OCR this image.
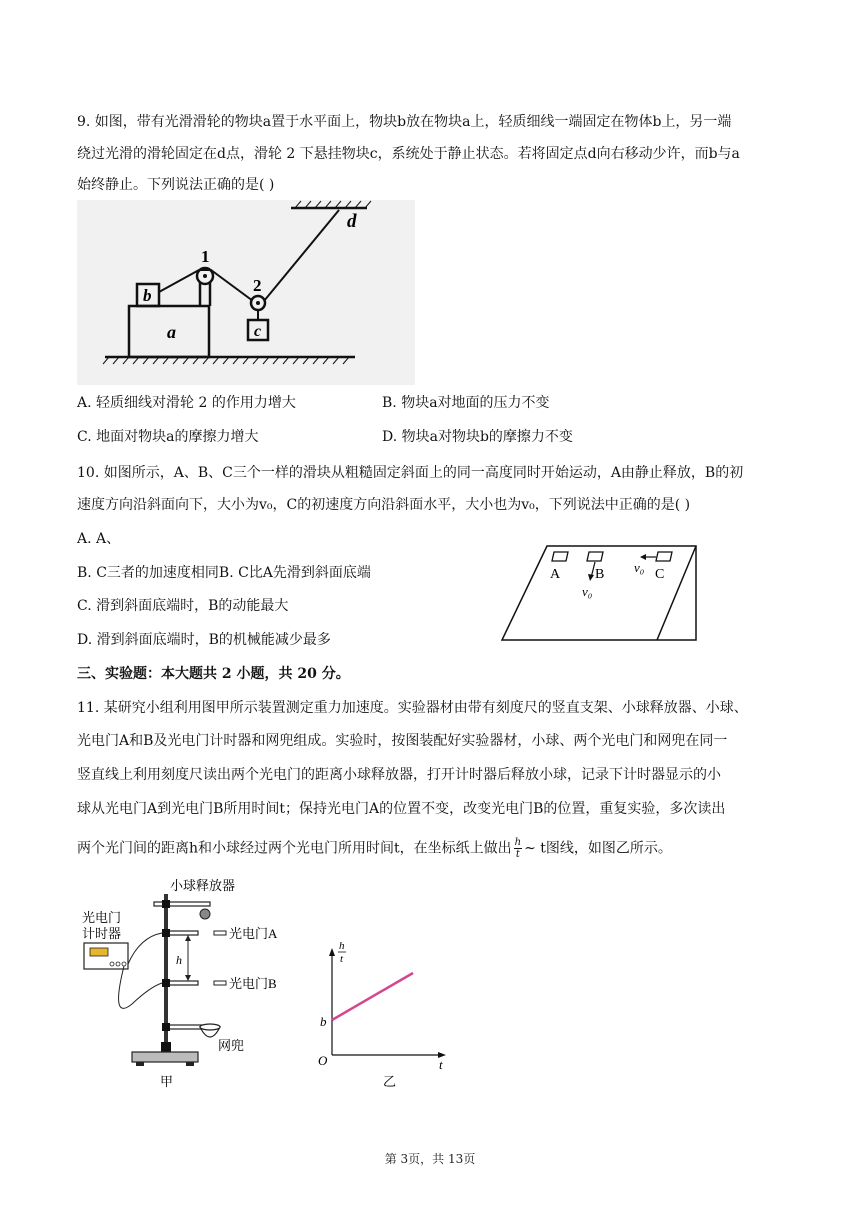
9. 如图，带有光滑滑轮的物块a置于水平面上，物块b放在物块a上，轻质细线一端固定在物体b上，另一端
绕过光滑的滑轮固定在d点，滑轮 2 下悬挂物块c，系统处于静止状态。若将固定点d向右移动少许，而b与a
始终静止。下列说法正确的是( )
1
2
a
b
c
d
A. 轻质细线对滑轮 2 的作用力增大	B. 物块a对地面的压力不变
C. 地面对物块a的摩擦力增大	D. 物块a对物块b的摩擦力不变
10. 如图所示，A、B、C三个一样的滑块从粗糙固定斜面上的同一高度同时开始运动，A由静止释放，B的初
速度方向沿斜面向下，大小为v₀，C的初速度方向沿斜面水平，大小也为v₀，下列说法中正确的是( )
A. A、
B. C三者的加速度相同B. C比A先滑到斜面底端
C. 滑到斜面底端时，B的动能最大
D. 滑到斜面底端时，B的机械能减少最多
A B	C
v₀
v₀
三、实验题：本大题共 2 小题，共 20 分。
11. 某研究小组利用图甲所示装置测定重力加速度。实验器材由带有刻度尺的竖直支架、小球释放器、小球、
光电门A和B及光电门计时器和网兜组成。实验时，按图装配好实验器材，小球、两个光电门和网兜在同一
竖直线上利用刻度尺读出两个光电门的距离小球释放器，打开计时器后释放小球，记录下计时器显示的小
球从光电门A到光电门B所用时间t；保持光电门A的位置不变，改变光电门B的位置，重复实验，多次读出
两个光门间的距离h和小球经过两个光电门所用时间t，在坐标纸上做出 $\frac{h}{t}$ ∼ t图线，如图乙所示。
小球释放器
光电门A
h
光电门B
网兜
光电门
计时器
甲
h
t
b
O	t
乙
第 3页，共 13页
